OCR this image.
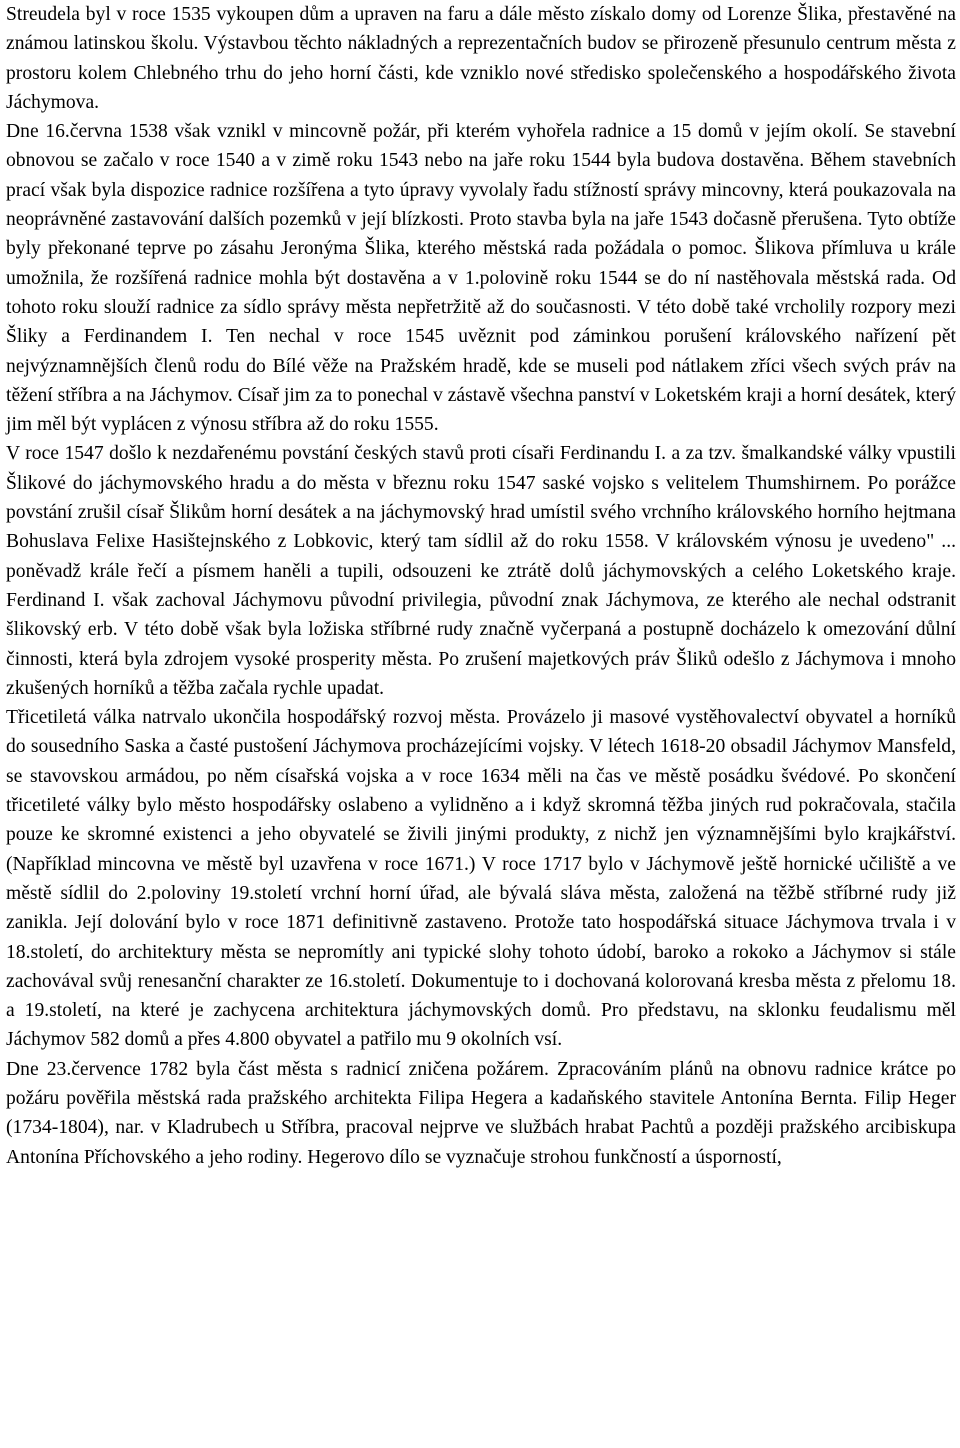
Streudela byl v roce 1535 vykoupen dům a upraven na faru a dále město získalo domy od Lorenze Šlika, přestavěné na známou latinskou školu. Výstavbou těchto nákladných a reprezentačních budov se přirozeně přesunulo centrum města z prostoru kolem Chlebného trhu do jeho horní části, kde vzniklo nové středisko společenského a hospodářského života Jáchymova.

Dne 16.června 1538 však vznikl v mincovně požár, při kterém vyhořela radnice a 15 domů v jejím okolí. Se stavební obnovou se začalo v roce 1540 a v zimě roku 1543 nebo na jaře roku 1544 byla budova dostavěna. Během stavebních prací však byla dispozice radnice rozšířena a tyto úpravy vyvolaly řadu stížností správy mincovny, která poukazovala na neoprávněné zastavování dalších pozemků v její blízkosti. Proto stavba byla na jaře 1543 dočasně přerušena. Tyto obtíže byly překonané teprve po zásahu Jeronýma Šlika, kterého městská rada požádala o pomoc. Šlikova přímluva u krále umožnila, že rozšířená radnice mohla být dostavěna a v 1.polovině roku 1544 se do ní nastěhovala městská rada. Od tohoto roku slouží radnice za sídlo správy města nepřetržitě až do současnosti. V této době také vrcholily rozpory mezi Šliky a Ferdinandem I. Ten nechal v roce 1545 uvěznit pod záminkou porušení královského nařízení pět nejvýznamnějších členů rodu do Bílé věže na Pražském hradě, kde se museli pod nátlakem zříci všech svých práv na těžení stříbra a na Jáchymov. Císař jim za to ponechal v zástavě všechna panství v Loketském kraji a horní desátek, který jim měl být vyplácen z výnosu stříbra až do roku 1555.

V roce 1547 došlo k nezdařenému povstání českých stavů proti císaři Ferdinandu I. a za tzv. šmalkandské války vpustili Šlikové do jáchymovského hradu a do města v březnu roku 1547 saské vojsko s velitelem Thumshirnem. Po porážce povstání zrušil císař Šlikům horní desátek a na jáchymovský hrad umístil svého vrchního královského horního hejtmana Bohuslava Felixe Hasištejnského z Lobkovic, který tam sídlil až do roku 1558. V královském výnosu je uvedeno" ... poněvadž krále řečí a písmem haněli a tupili, odsouzeni ke ztrátě dolů jáchymovských a celého Loketského kraje. Ferdinand I. však zachoval Jáchymovu původní privilegia, původní znak Jáchymova, ze kterého ale nechal odstranit šlikovský erb. V této době však byla ložiska stříbrné rudy značně vyčerpaná a postupně docházelo k omezování důlní činnosti, která byla zdrojem vysoké prosperity města. Po zrušení majetkových práv Šliků odešlo z Jáchymova i mnoho zkušených horníků a těžba začala rychle upadat.

Třicetiletá válka natrvalo ukončila hospodářský rozvoj města. Provázelo ji masové vystěhovalectví obyvatel a horníků do sousedního Saska a časté pustošení Jáchymova procházejícími vojsky. V létech 1618-20 obsadil Jáchymov Mansfeld, se stavovskou armádou, po něm císařská vojska a v roce 1634 měli na čas ve městě posádku švédové. Po skončení třicetileté války bylo město hospodářsky oslabeno a vylidněno a i když skromná těžba jiných rud pokračovala, stačila pouze ke skromné existenci a jeho obyvatelé se živili jinými produkty, z nichž jen významnějšími bylo krajkářství. (Například mincovna ve městě byl uzavřena v roce 1671.) V roce 1717 bylo v Jáchymově ještě hornické učiliště a ve městě sídlil do 2.poloviny 19.století vrchní horní úřad, ale bývalá sláva města, založená na těžbě stříbrné rudy již zanikla. Její dolování bylo v roce 1871 definitivně zastaveno. Protože tato hospodářská situace Jáchymova trvala i v 18.století, do architektury města se nepromítly ani typické slohy tohoto údobí, baroko a rokoko a Jáchymov si stále zachovával svůj renesanční charakter ze 16.století. Dokumentuje to i dochovaná kolorovaná kresba města z přelomu 18. a 19.století, na které je zachycena architektura jáchymovských domů. Pro představu, na sklonku feudalismu měl Jáchymov 582 domů a přes 4.800 obyvatel a patřilo mu 9 okolních vsí.

Dne 23.července 1782 byla část města s radnicí zničena požárem. Zpracováním plánů na obnovu radnice krátce po požáru pověřila městská rada pražského architekta Filipa Hegera a kadaňského stavitele Antonína Bernta. Filip Heger (1734-1804), nar. v Kladrubech u Stříbra, pracoval nejprve ve službách hrabat Pachtů a později pražského arcibiskupa Antonína Příchovského a jeho rodiny. Hegerovo dílo se vyznačuje strohou funkčností a úsporností,
